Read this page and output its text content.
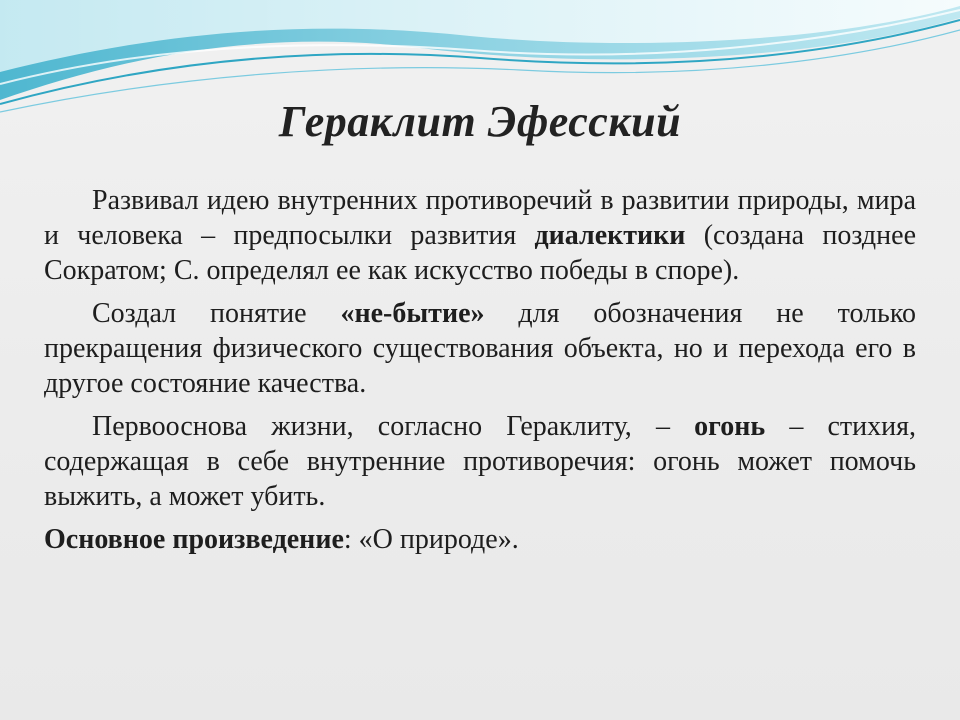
Гераклит Эфесский

Развивал идею внутренних противоречий в развитии природы, мира и человека – предпосылки развития диалектики (создана позднее Сократом; С. определял ее как искусство победы в споре).

Создал понятие «не-бытие» для обозначения не только прекращения физического существования объекта, но и перехода его в другое состояние качества.

Первооснова жизни, согласно Гераклиту, – огонь – стихия, содержащая в себе внутренние противоречия: огонь может помочь выжить, а может убить.

Основное произведение: «О природе».
